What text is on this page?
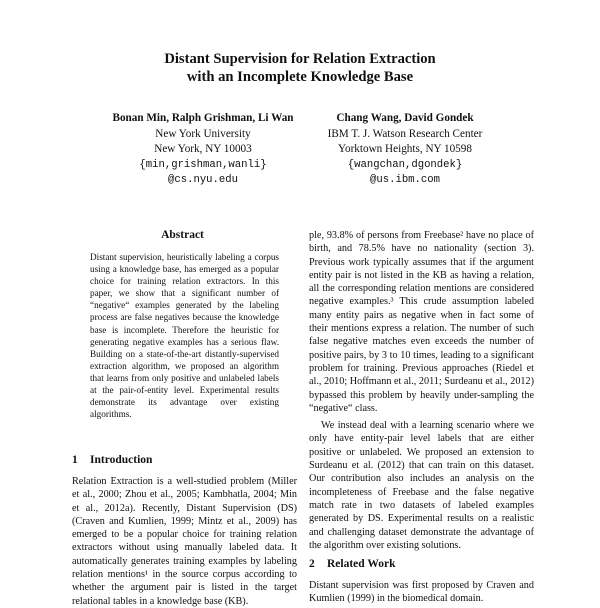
Distant Supervision for Relation Extraction
with an Incomplete Knowledge Base
Bonan Min, Ralph Grishman, Li Wan
New York University
New York, NY 10003
{min,grishman,wanli}
@cs.nyu.edu
Chang Wang, David Gondek
IBM T. J. Watson Research Center
Yorktown Heights, NY 10598
{wangchan,dgondek}
@us.ibm.com
Abstract
Distant supervision, heuristically labeling a corpus using a knowledge base, has emerged as a popular choice for training relation extractors. In this paper, we show that a significant number of “negative“ examples generated by the labeling process are false negatives because the knowledge base is incomplete. Therefore the heuristic for generating negative examples has a serious flaw. Building on a state-of-the-art distantly-supervised extraction algorithm, we proposed an algorithm that learns from only positive and unlabeled labels at the pair-of-entity level. Experimental results demonstrate its advantage over existing algorithms.
1 Introduction

Relation Extraction is a well-studied problem (Miller et al., 2000; Zhou et al., 2005; Kambhatla, 2004; Min et al., 2012a). Recently, Distant Supervision (DS) (Craven and Kumlien, 1999; Mintz et al., 2009) has emerged to be a popular choice for training relation extractors without using manually labeled data. It automatically generates training examples by labeling relation mentions¹ in the source corpus according to whether the argument pair is listed in the target relational tables in a knowledge base (KB).

ple, 93.8% of persons from Freebase² have no place of birth, and 78.5% have no nationality (section 3). Previous work typically assumes that if the argument entity pair is not listed in the KB as having a relation, all the corresponding relation mentions are considered negative examples.³ This crude assumption labeled many entity pairs as negative when in fact some of their mentions express a relation. The number of such false negative matches even exceeds the number of positive pairs, by 3 to 10 times, leading to a significant problem for training. Previous approaches (Riedel et al., 2010; Hoffmann et al., 2011; Surdeanu et al., 2012) bypassed this problem by heavily under-sampling the “negative“ class.

We instead deal with a learning scenario where we only have entity-pair level labels that are either positive or unlabeled. We proposed an extension to Surdeanu et al. (2012) that can train on this dataset. Our contribution also includes an analysis on the incompleteness of Freebase and the false negative match rate in two datasets of labeled examples generated by DS. Experimental results on a realistic and challenging dataset demonstrate the advantage of the algorithm over existing solutions.

2 Related Work

Distant supervision was first proposed by Craven and Kumlien (1999) in the biomedical domain.
